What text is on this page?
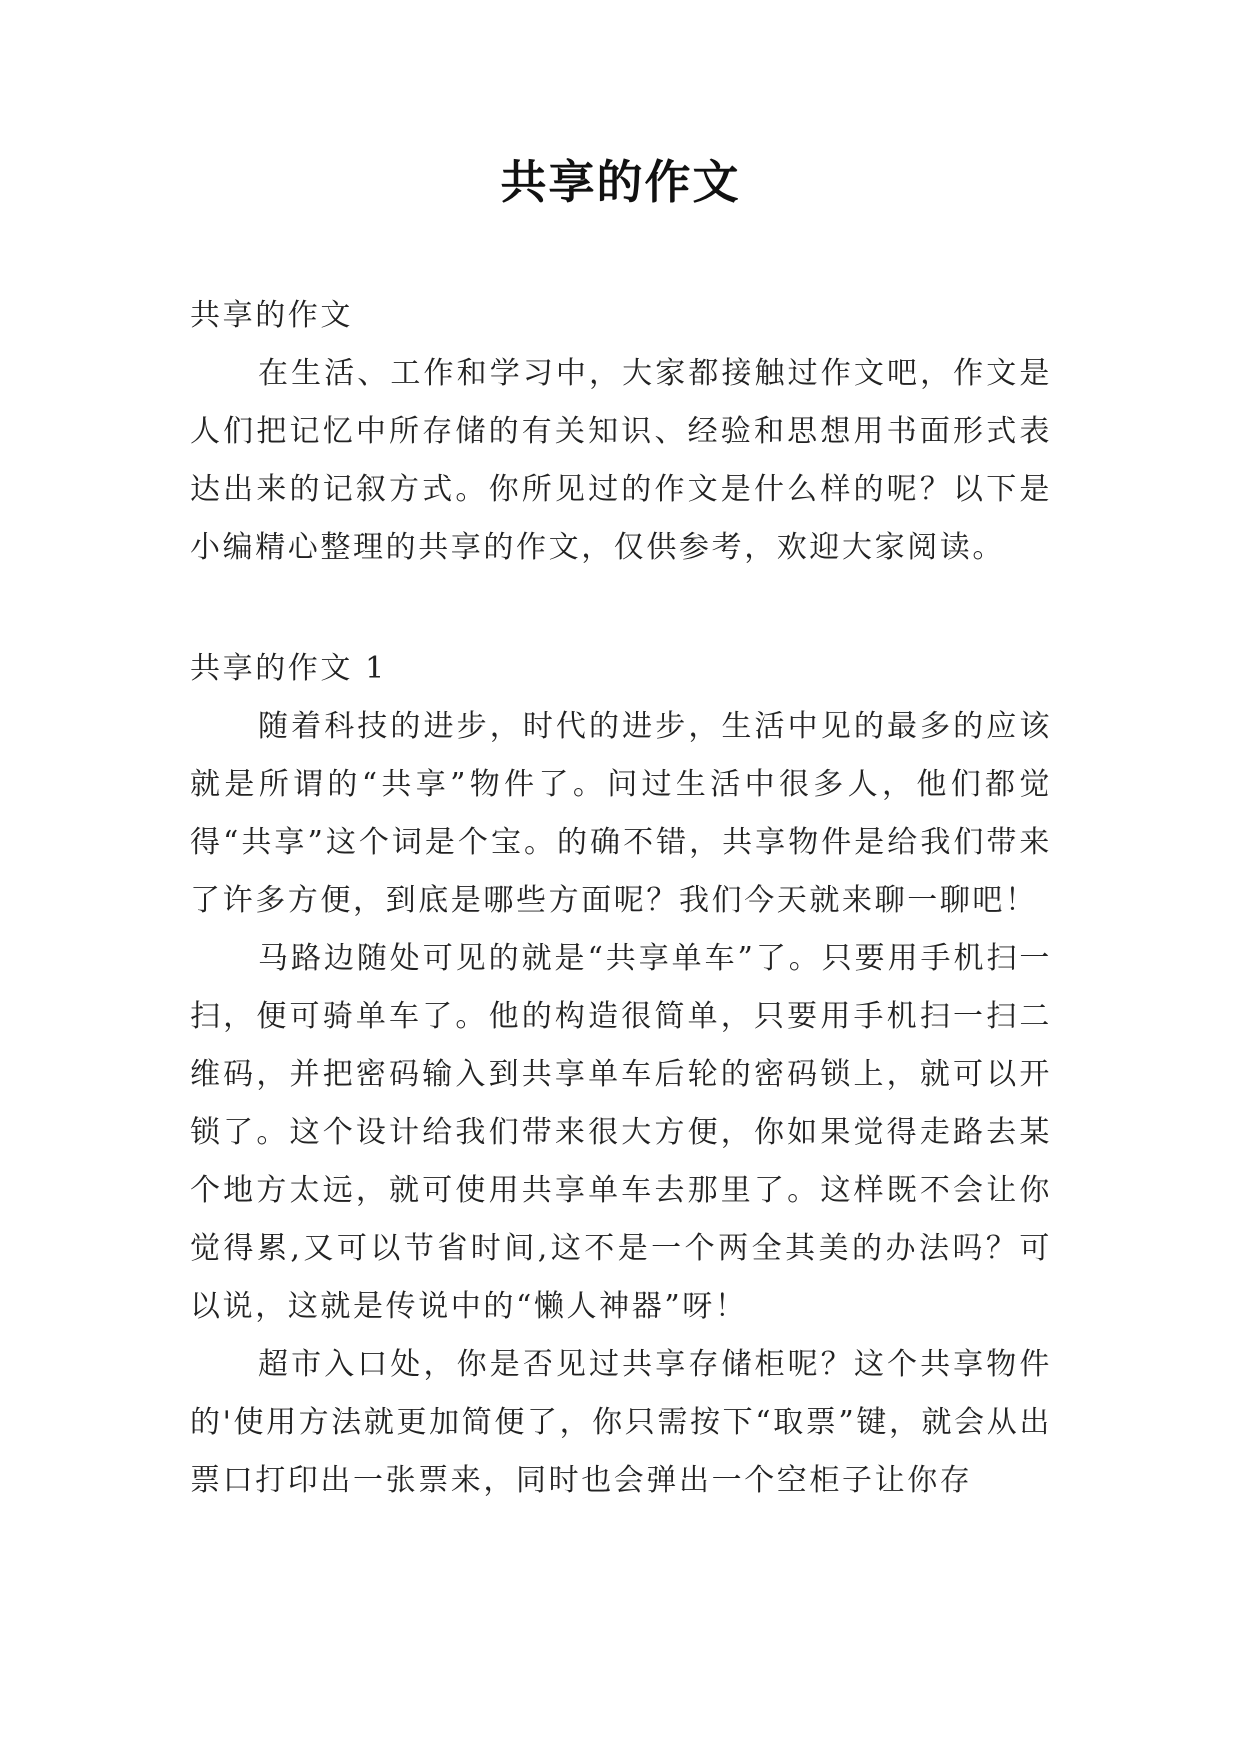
共享的作文
共享的作文

在生活、工作和学习中，大家都接触过作文吧，作文是人们把记忆中所存储的有关知识、经验和思想用书面形式表达出来的记叙方式。你所见过的作文是什么样的呢？以下是小编精心整理的共享的作文，仅供参考，欢迎大家阅读。

共享的作文 1

随着科技的进步，时代的进步，生活中见的最多的应该就是所谓的“共享”物件了。问过生活中很多人，他们都觉得“共享”这个词是个宝。的确不错，共享物件是给我们带来了许多方便，到底是哪些方面呢？我们今天就来聊一聊吧！

马路边随处可见的就是“共享单车”了。只要用手机扫一扫，便可骑单车了。他的构造很简单，只要用手机扫一扫二维码，并把密码输入到共享单车后轮的密码锁上，就可以开锁了。这个设计给我们带来很大方便，你如果觉得走路去某个地方太远，就可使用共享单车去那里了。这样既不会让你觉得累,又可以节省时间,这不是一个两全其美的办法吗？可以说，这就是传说中的“懒人神器”呀！

超市入口处，你是否见过共享存储柜呢？这个共享物件的'使用方法就更加简便了，你只需按下“取票”键，就会从出票口打印出一张票来，同时也会弹出一个空柜子让你存
